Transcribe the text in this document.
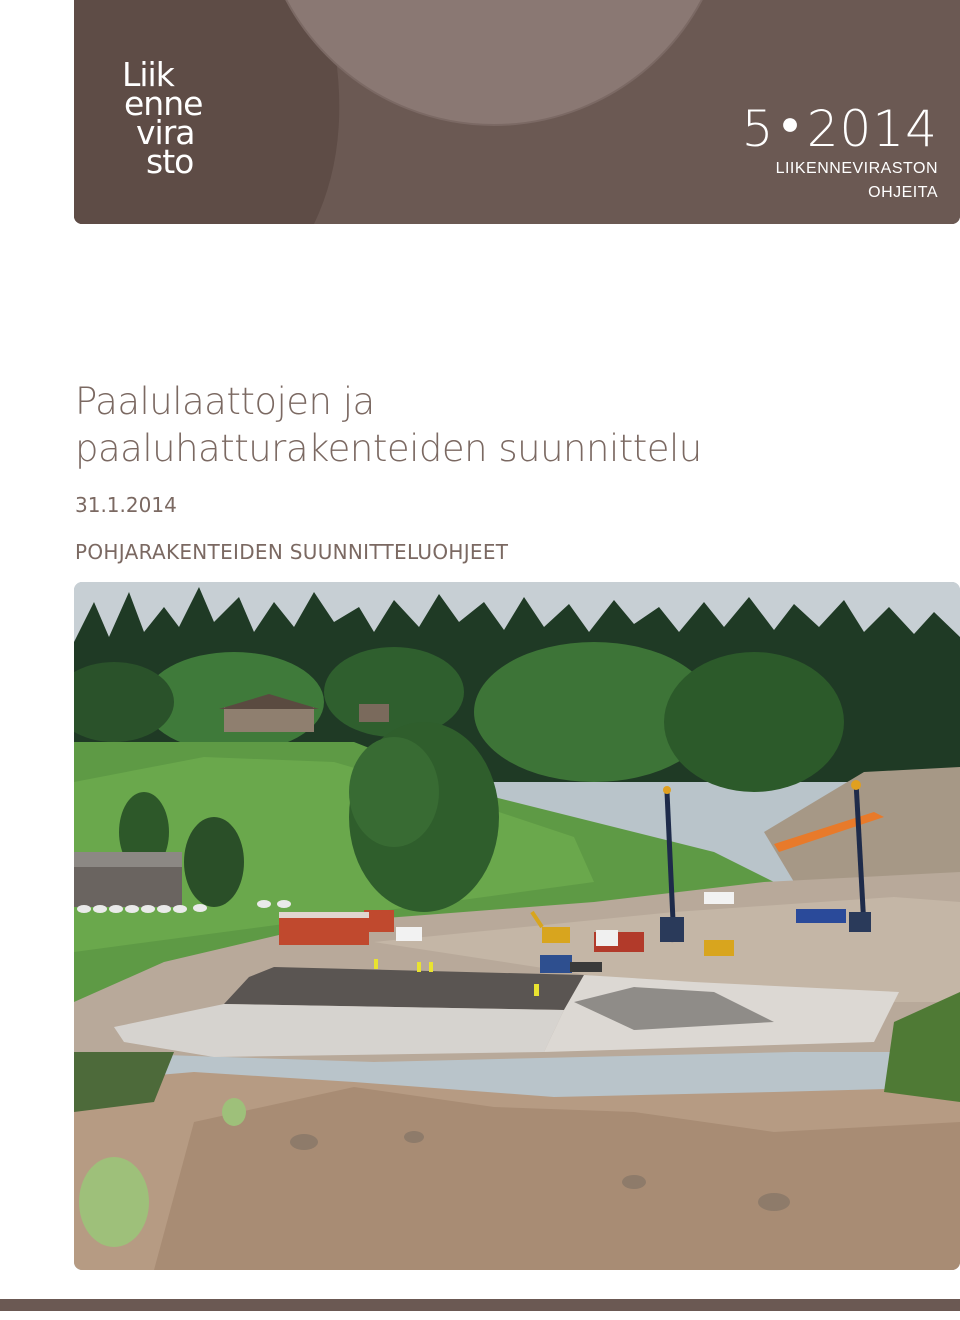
Liik
enne
vira
sto
5 ● 2014
LIIKENNEVIRASTON
OHJEITA
Paalulaattojen ja
paaluhatturakenteiden suunnittelu
31.1.2014
POHJARAKENTEIDEN SUUNNITTELUOHJEET
